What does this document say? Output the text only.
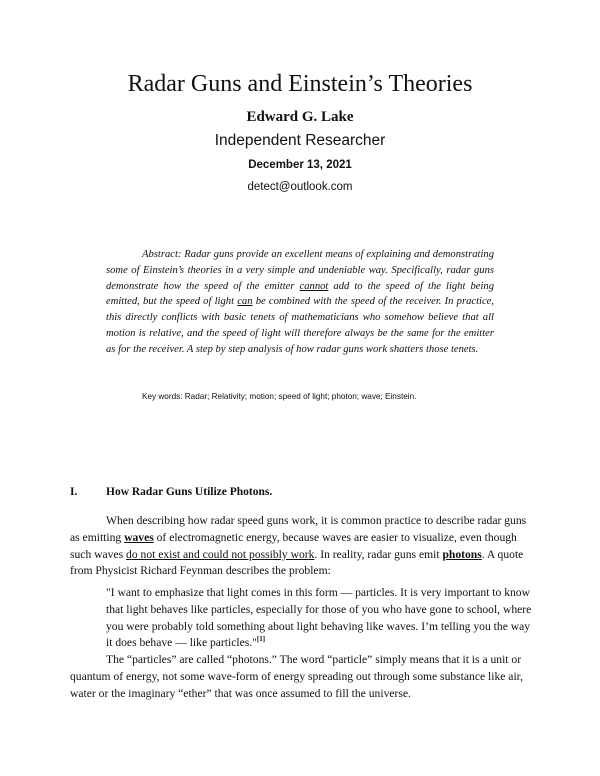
Radar Guns and Einstein’s Theories
Edward G. Lake
Independent Researcher
December 13, 2021
detect@outlook.com
Abstract: Radar guns provide an excellent means of explaining and demonstrating some of Einstein’s theories in a very simple and undeniable way. Specifically, radar guns demonstrate how the speed of the emitter cannot add to the speed of the light being emitted, but the speed of light can be combined with the speed of the receiver. In practice, this directly conflicts with basic tenets of mathematicians who somehow believe that all motion is relative, and the speed of light will therefore always be the same for the emitter as for the receiver. A step by step analysis of how radar guns work shatters those tenets.
Key words: Radar; Relativity; motion; speed of light; photon; wave; Einstein.
I. How Radar Guns Utilize Photons.
When describing how radar speed guns work, it is common practice to describe radar guns as emitting waves of electromagnetic energy, because waves are easier to visualize, even though such waves do not exist and could not possibly work. In reality, radar guns emit photons. A quote from Physicist Richard Feynman describes the problem:
"I want to emphasize that light comes in this form — particles. It is very important to know that light behaves like particles, especially for those of you who have gone to school, where you were probably told something about light behaving like waves. I’m telling you the way it does behave — like particles."[1]
The “particles” are called “photons.” The word “particle” simply means that it is a unit or quantum of energy, not some wave-form of energy spreading out through some substance like air, water or the imaginary “ether” that was once assumed to fill the universe.
